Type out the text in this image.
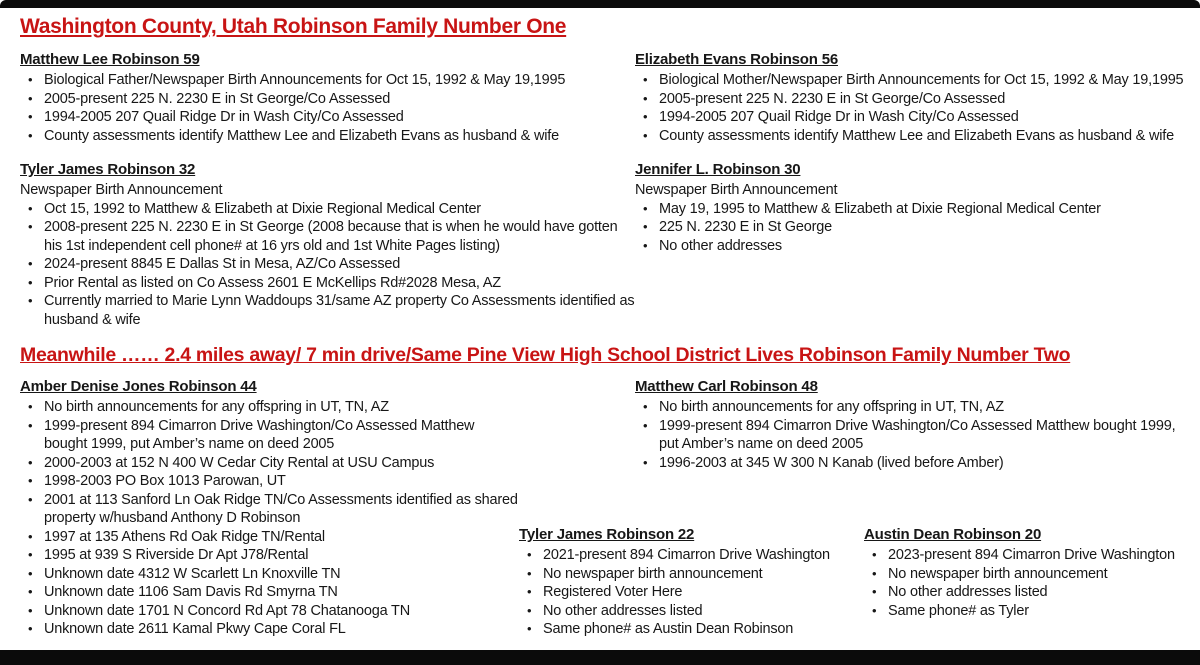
Washington County, Utah Robinson Family Number One
Matthew Lee Robinson 59
• Biological Father/Newspaper Birth Announcements for Oct 15, 1992 & May 19,1995
• 2005-present 225 N. 2230 E in St George/Co Assessed
• 1994-2005 207 Quail Ridge Dr in Wash City/Co Assessed
• County assessments identify Matthew Lee and Elizabeth Evans as husband & wife
Elizabeth Evans Robinson 56
• Biological Mother/Newspaper Birth Announcements for Oct 15, 1992 & May 19,1995
• 2005-present 225 N. 2230 E in St George/Co Assessed
• 1994-2005 207 Quail Ridge Dr in Wash City/Co Assessed
• County assessments identify Matthew Lee and Elizabeth Evans as husband & wife
Tyler James Robinson 32
Newspaper Birth Announcement
• Oct 15, 1992 to Matthew & Elizabeth at Dixie Regional Medical Center
• 2008-present 225 N. 2230 E in St George (2008 because that is when he would have gotten his 1st independent cell phone# at 16 yrs old and 1st White Pages listing)
• 2024-present 8845 E Dallas St in Mesa, AZ/Co Assessed
• Prior Rental as listed on Co Assess 2601 E McKellips Rd#2028 Mesa, AZ
• Currently married to Marie Lynn Waddoups 31/same AZ property Co Assessments identified as husband & wife
Jennifer L. Robinson 30
Newspaper Birth Announcement
• May 19, 1995 to Matthew & Elizabeth at Dixie Regional Medical Center
• 225 N. 2230 E in St George
• No other addresses
Meanwhile …… 2.4 miles away/ 7 min drive/Same Pine View High School District Lives Robinson Family Number Two
Amber Denise Jones Robinson 44
• No birth announcements for any offspring in UT, TN, AZ
• 1999-present 894 Cimarron Drive Washington/Co Assessed Matthew bought 1999, put Amber’s name on deed 2005
• 2000-2003 at 152 N 400 W Cedar City Rental at USU Campus
• 1998-2003 PO Box 1013 Parowan, UT
• 2001 at 113 Sanford Ln Oak Ridge TN/Co Assessments identified as shared property w/husband Anthony D Robinson
• 1997 at 135 Athens Rd Oak Ridge TN/Rental
• 1995 at 939 S Riverside Dr Apt J78/Rental
• Unknown date 4312 W Scarlett Ln Knoxville TN
• Unknown date 1106 Sam Davis Rd Smyrna TN
• Unknown date 1701 N Concord Rd Apt 78 Chatanooga TN
• Unknown date 2611 Kamal Pkwy Cape Coral FL
Matthew Carl Robinson 48
• No birth announcements for any offspring in UT, TN, AZ
• 1999-present 894 Cimarron Drive Washington/Co Assessed Matthew bought 1999, put Amber’s name on deed 2005
• 1996-2003 at 345 W 300 N Kanab (lived before Amber)
Tyler James Robinson 22
• 2021-present 894 Cimarron Drive Washington
• No newspaper birth announcement
• Registered Voter Here
• No other addresses listed
• Same phone# as Austin Dean Robinson
Austin Dean Robinson 20
• 2023-present 894 Cimarron Drive Washington
• No newspaper birth announcement
• No other addresses listed
• Same phone# as Tyler
